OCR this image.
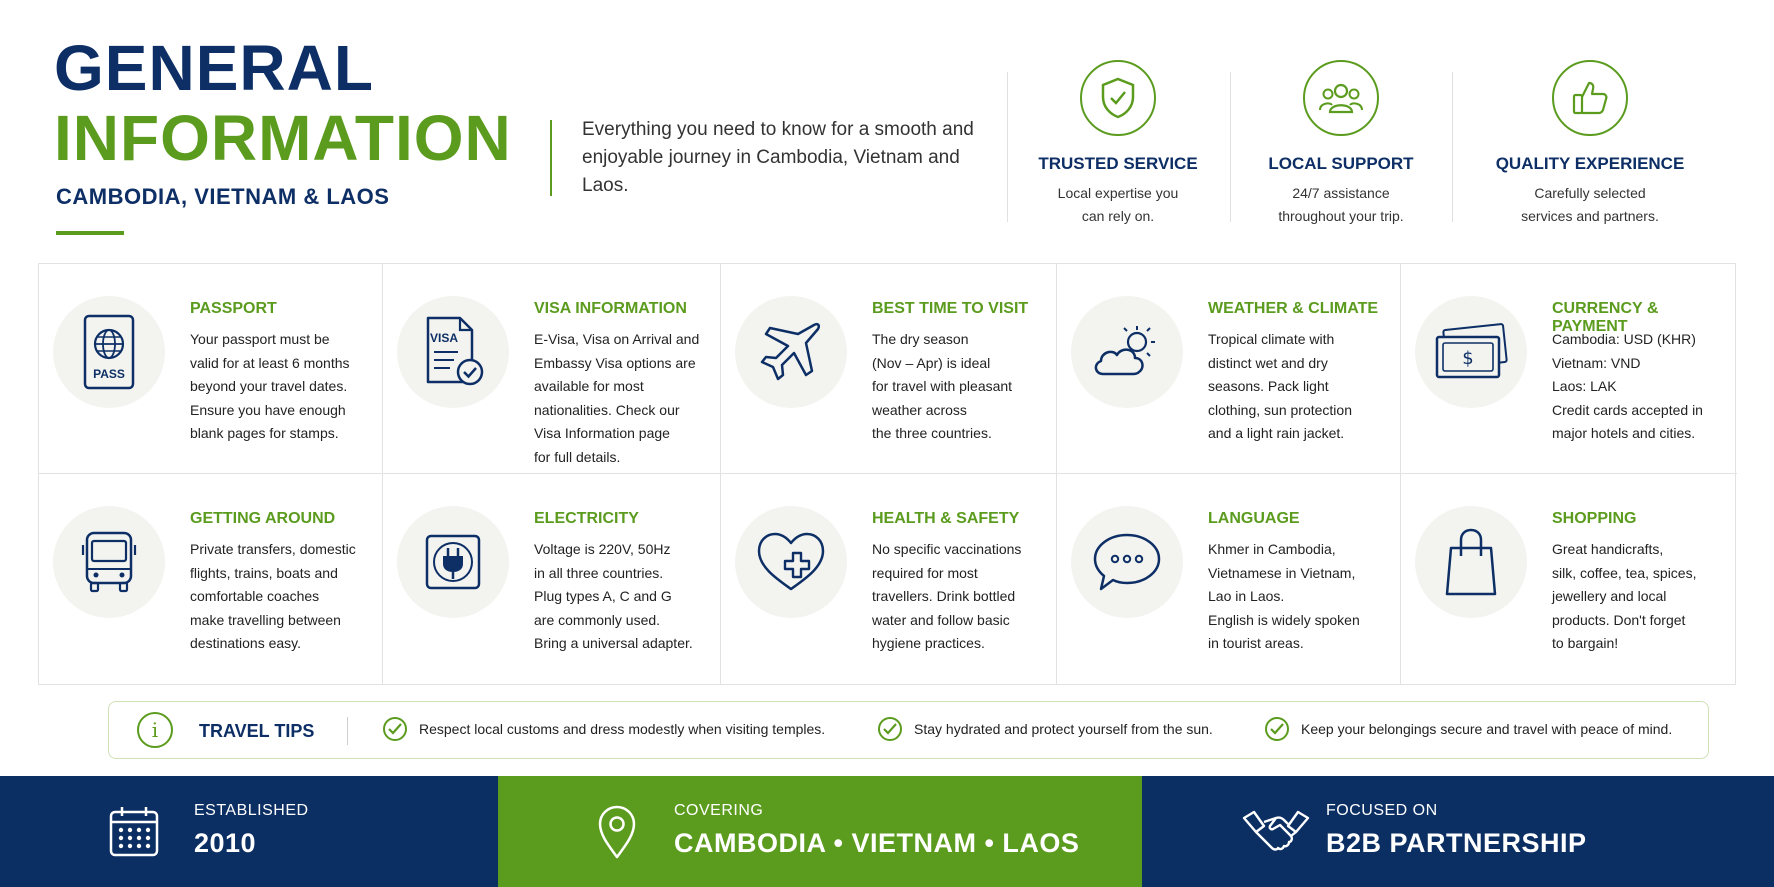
GENERAL
INFORMATION
CAMBODIA, VIETNAM & LAOS
Everything you need to know for a smooth and enjoyable journey in Cambodia, Vietnam and Laos.
TRUSTED SERVICE
Local expertise you
can rely on.
LOCAL SUPPORT
24/7 assistance
throughout your trip.
QUALITY EXPERIENCE
Carefully selected
services and partners.
PASS
PASSPORT
Your passport must be
valid for at least 6 months
beyond your travel dates.
Ensure you have enough
blank pages for stamps.
VISA
VISA INFORMATION
E-Visa, Visa on Arrival and
Embassy Visa options are
available for most
nationalities. Check our
Visa Information page
for full details.
BEST TIME TO VISIT
The dry season
(Nov – Apr) is ideal
for travel with pleasant
weather across
the three countries.
WEATHER & CLIMATE
Tropical climate with
distinct wet and dry
seasons. Pack light
clothing, sun protection
and a light rain jacket.
$
CURRENCY & PAYMENT
Cambodia: USD (KHR)
Vietnam: VND
Laos: LAK
Credit cards accepted in
major hotels and cities.
GETTING AROUND
Private transfers, domestic
flights, trains, boats and
comfortable coaches
make travelling between
destinations easy.
ELECTRICITY
Voltage is 220V, 50Hz
in all three countries.
Plug types A, C and G
are commonly used.
Bring a universal adapter.
HEALTH & SAFETY
No specific vaccinations
required for most
travellers. Drink bottled
water and follow basic
hygiene practices.
LANGUAGE
Khmer in Cambodia,
Vietnamese in Vietnam,
Lao in Laos.
English is widely spoken
in tourist areas.
SHOPPING
Great handicrafts,
silk, coffee, tea, spices,
jewellery and local
products. Don't forget
to bargain!
i	TRAVEL TIPS	Respect local customs and dress modestly when visiting temples.	Stay hydrated and protect yourself from the sun.	Keep your belongings secure and travel with peace of mind.
ESTABLISHED
2010
COVERING
CAMBODIA • VIETNAM • LAOS
FOCUSED ON
B2B PARTNERSHIP
